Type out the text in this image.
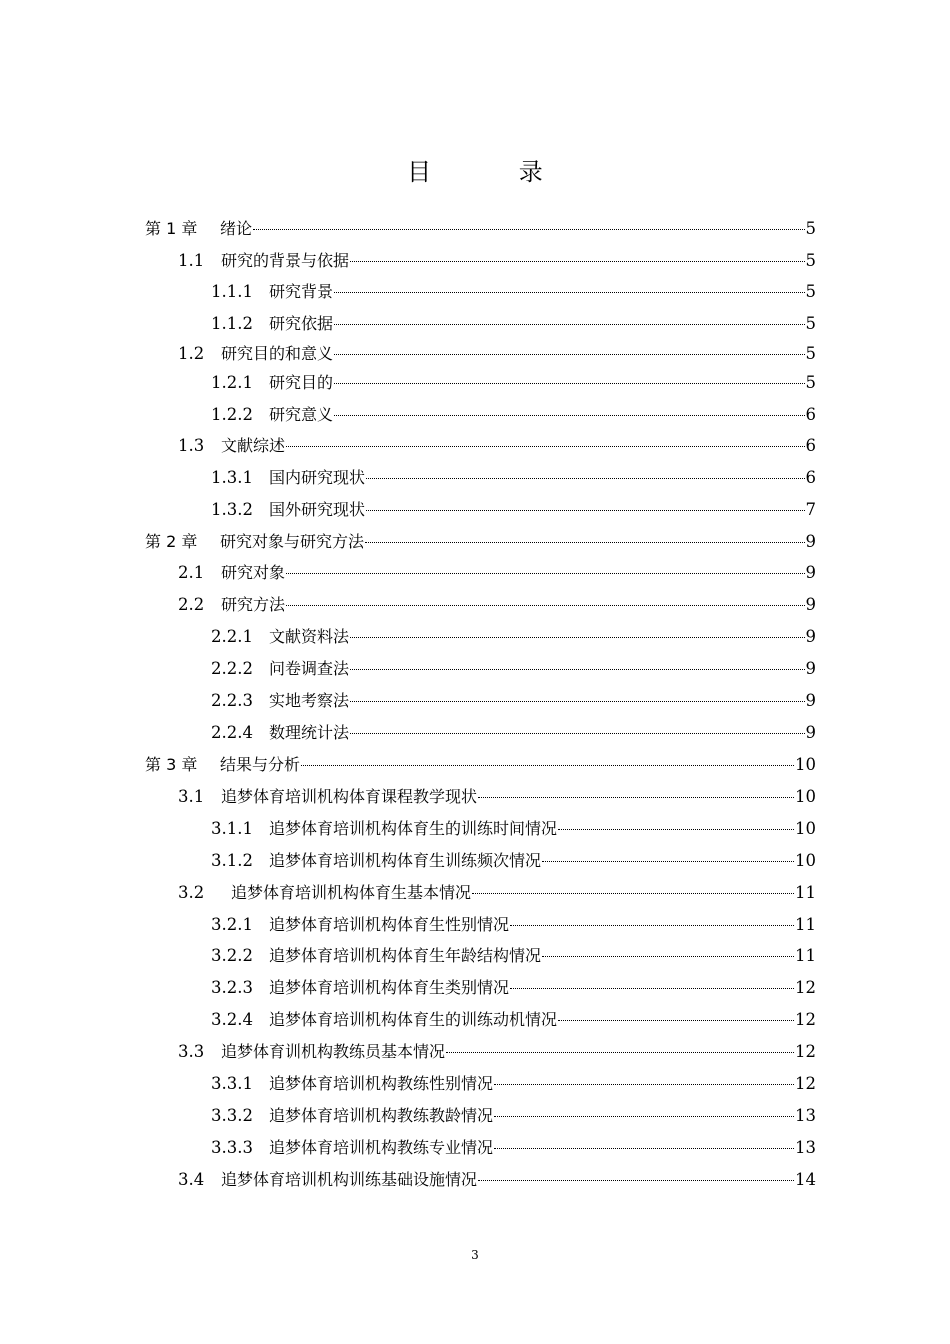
目 录
第 1 章	绪论	5
1.1	研究的背景与依据	5
1.1.1	研究背景	5
1.1.2	研究依据	5
1.2	研究目的和意义	5
1.2.1	研究目的	5
1.2.2	研究意义	6
1.3	文献综述	6
1.3.1	国内研究现状	6
1.3.2	国外研究现状	7
第 2 章	研究对象与研究方法	9
2.1	研究对象	9
2.2	研究方法	9
2.2.1	文献资料法	9
2.2.2	问卷调查法	9
2.2.3	实地考察法	9
2.2.4	数理统计法	9
第 3 章	结果与分析	10
3.1	追梦体育培训机构体育课程教学现状	10
3.1.1	追梦体育培训机构体育生的训练时间情况	10
3.1.2	追梦体育培训机构体育生训练频次情况	10
3.2	追梦体育培训机构体育生基本情况	11
3.2.1	追梦体育培训机构体育生性别情况	11
3.2.2	追梦体育培训机构体育生年龄结构情况	11
3.2.3	追梦体育培训机构体育生类别情况	12
3.2.4	追梦体育培训机构体育生的训练动机情况	12
3.3	追梦体育训机构教练员基本情况	12
3.3.1	追梦体育培训机构教练性别情况	12
3.3.2	追梦体育培训机构教练教龄情况	13
3.3.3	追梦体育培训机构教练专业情况	13
3.4	追梦体育培训机构训练基础设施情况	14
3
